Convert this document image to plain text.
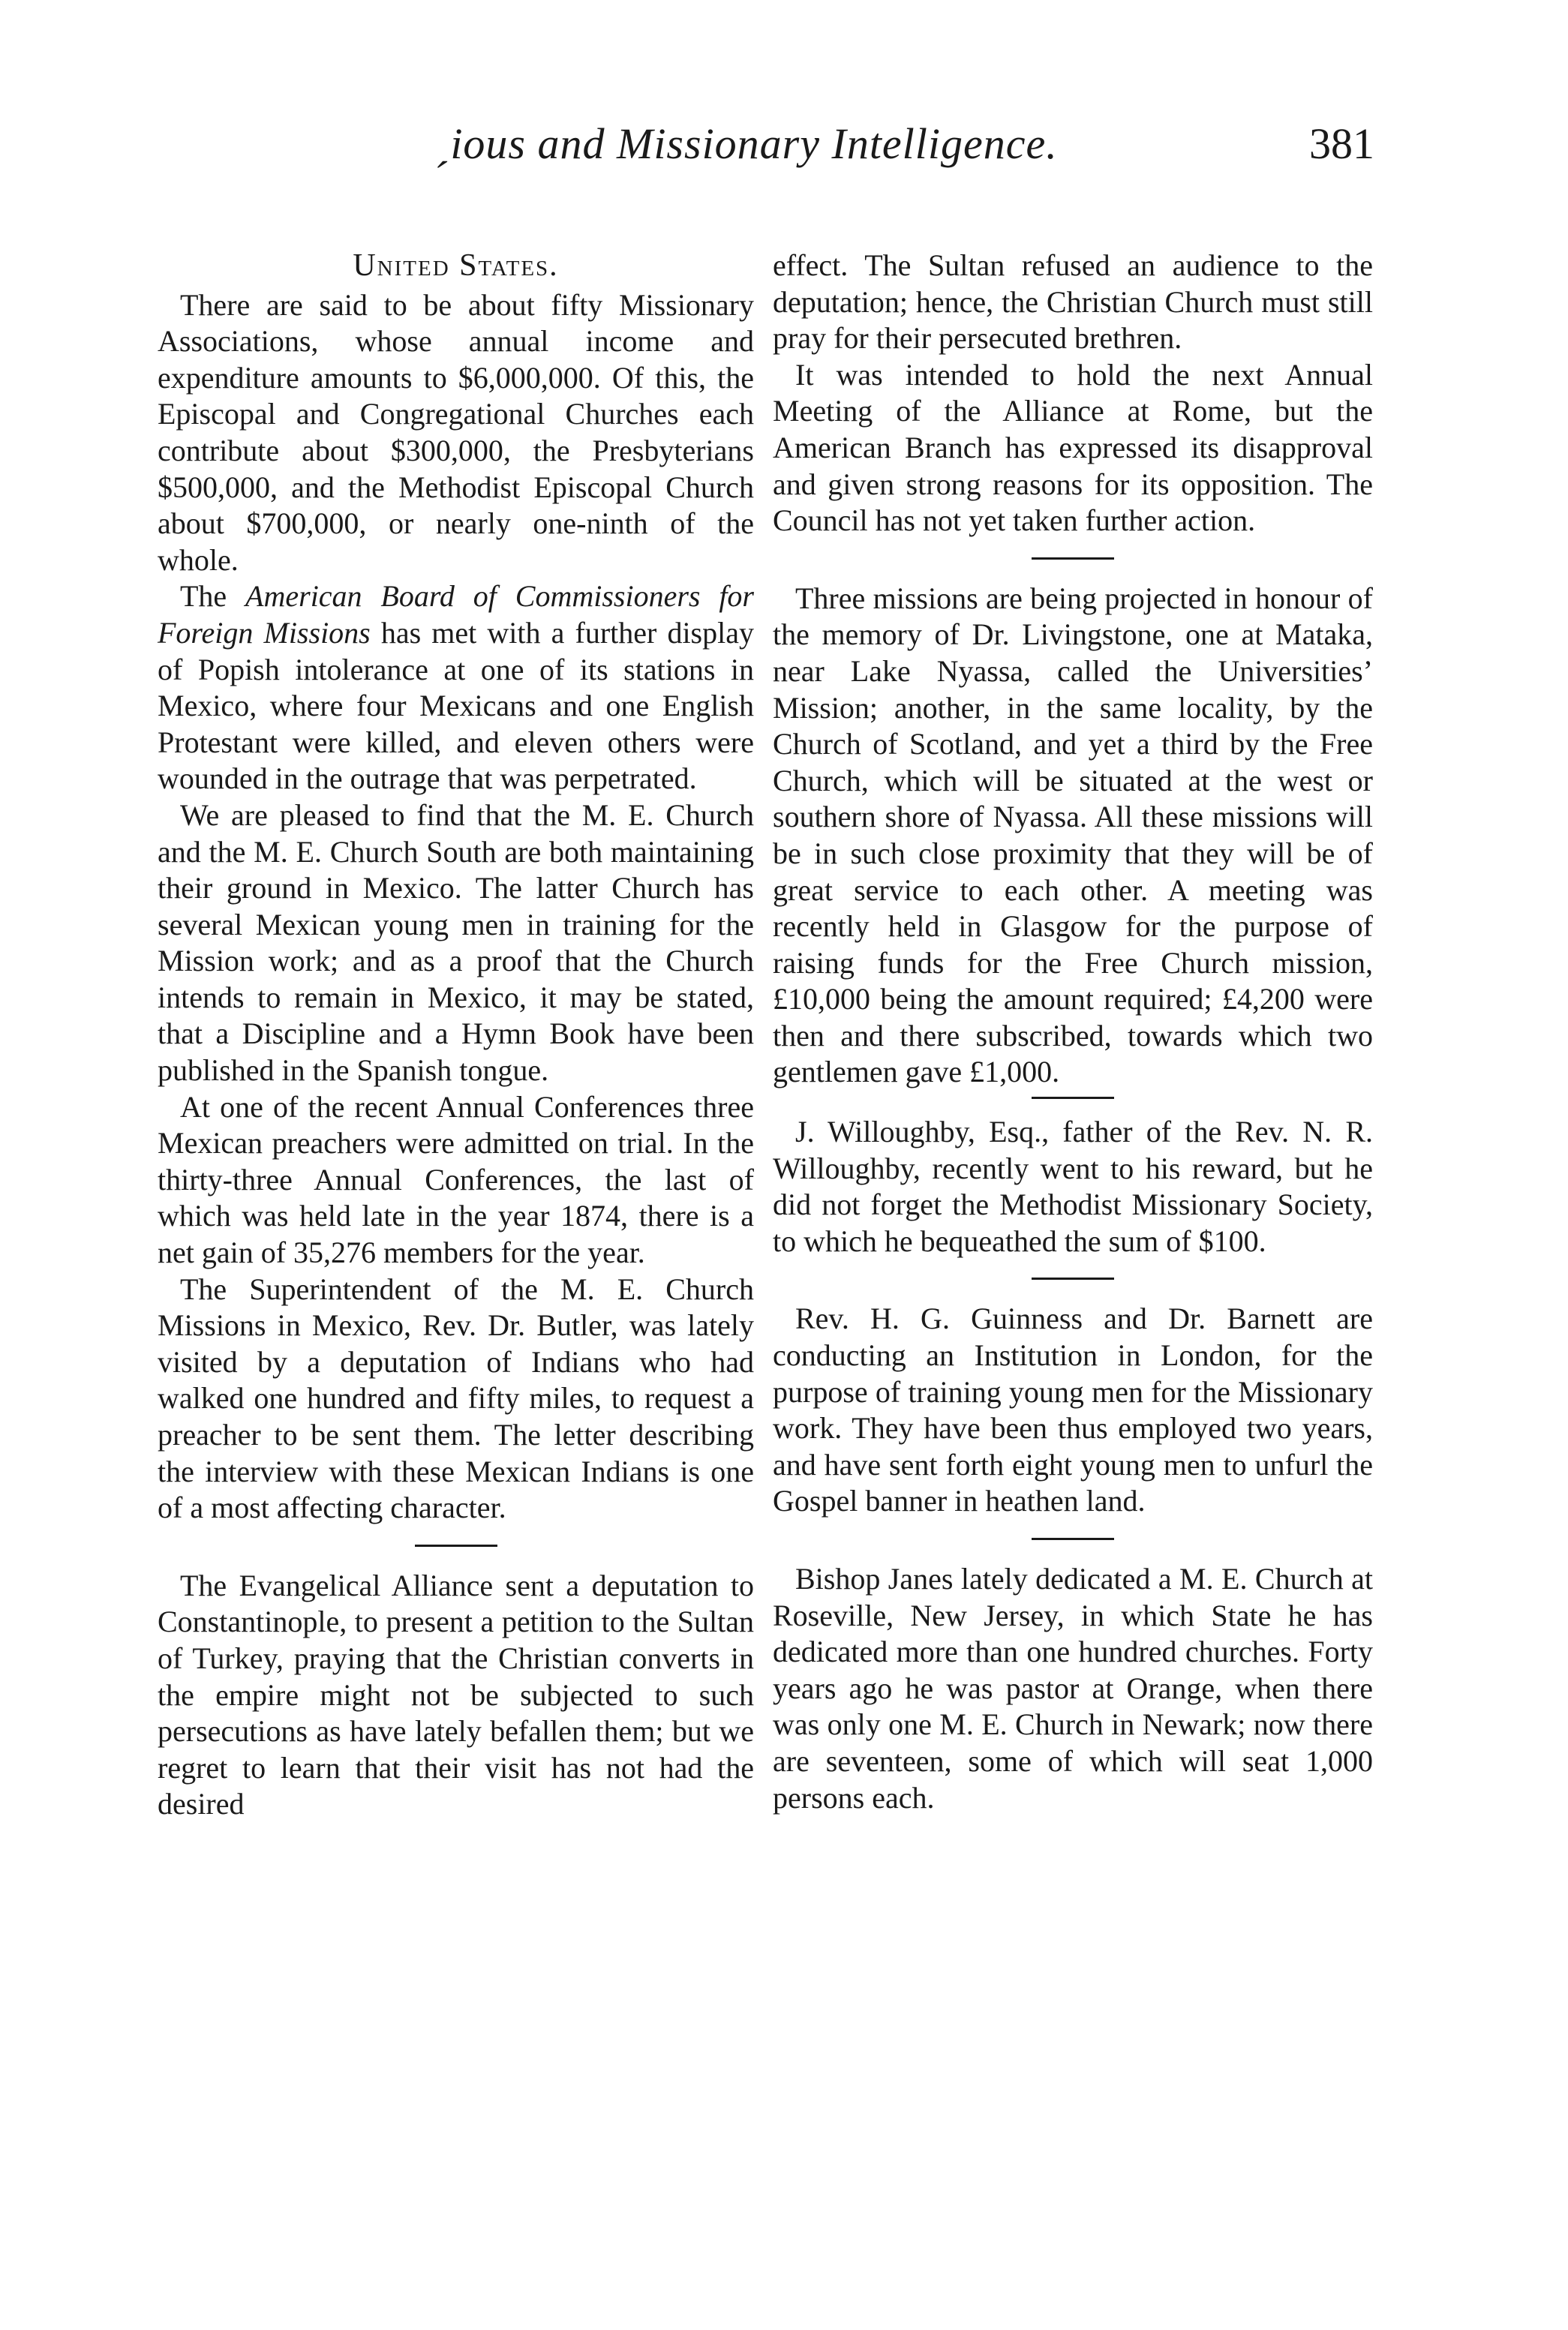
ˏious and Missionary Intelligence.	381
United States.

There are said to be about fifty Missionary Associations, whose annual income and expenditure amounts to $6,000,000. Of this, the Episcopal and Congregational Churches each contribute about $300,000, the Presbyterians $500,000, and the Methodist Episcopal Church about $700,000, or nearly one-ninth of the whole.

The American Board of Commissioners for Foreign Missions has met with a further display of Popish intolerance at one of its stations in Mexico, where four Mexicans and one English Protestant were killed, and eleven others were wounded in the outrage that was perpetrated.

We are pleased to find that the M. E. Church and the M. E. Church South are both maintaining their ground in Mexico. The latter Church has several Mexican young men in training for the Mission work; and as a proof that the Church intends to remain in Mexico, it may be stated, that a Discipline and a Hymn Book have been published in the Spanish tongue.

At one of the recent Annual Conferences three Mexican preachers were admitted on trial. In the thirty-three Annual Conferences, the last of which was held late in the year 1874, there is a net gain of 35,276 members for the year.

The Superintendent of the M. E. Church Missions in Mexico, Rev. Dr. Butler, was lately visited by a deputation of Indians who had walked one hundred and fifty miles, to request a preacher to be sent them. The letter describing the interview with these Mexican Indians is one of a most affecting character.

The Evangelical Alliance sent a deputation to Constantinople, to present a petition to the Sultan of Turkey, praying that the Christian converts in the empire might not be subjected to such persecutions as have lately befallen them; but we regret to learn that their visit has not had the desired

effect. The Sultan refused an audience to the deputation; hence, the Christian Church must still pray for their persecuted brethren.

It was intended to hold the next Annual Meeting of the Alliance at Rome, but the American Branch has expressed its disapproval and given strong reasons for its opposition. The Council has not yet taken further action.

Three missions are being projected in honour of the memory of Dr. Livingstone, one at Mataka, near Lake Nyassa, called the Universities’ Mission; another, in the same locality, by the Church of Scotland, and yet a third by the Free Church, which will be situated at the west or southern shore of Nyassa. All these missions will be in such close proximity that they will be of great service to each other. A meeting was recently held in Glasgow for the purpose of raising funds for the Free Church mission, £10,000 being the amount required; £4,200 were then and there subscribed, towards which two gentlemen gave £1,000.

J. Willoughby, Esq., father of the Rev. N. R. Willoughby, recently went to his reward, but he did not forget the Methodist Missionary Society, to which he bequeathed the sum of $100.

Rev. H. G. Guinness and Dr. Barnett are conducting an Institution in London, for the purpose of training young men for the Missionary work. They have been thus employed two years, and have sent forth eight young men to unfurl the Gospel banner in heathen land.

Bishop Janes lately dedicated a M. E. Church at Roseville, New Jersey, in which State he has dedicated more than one hundred churches. Forty years ago he was pastor at Orange, when there was only one M. E. Church in Newark; now there are seventeen, some of which will seat 1,000 persons each.
